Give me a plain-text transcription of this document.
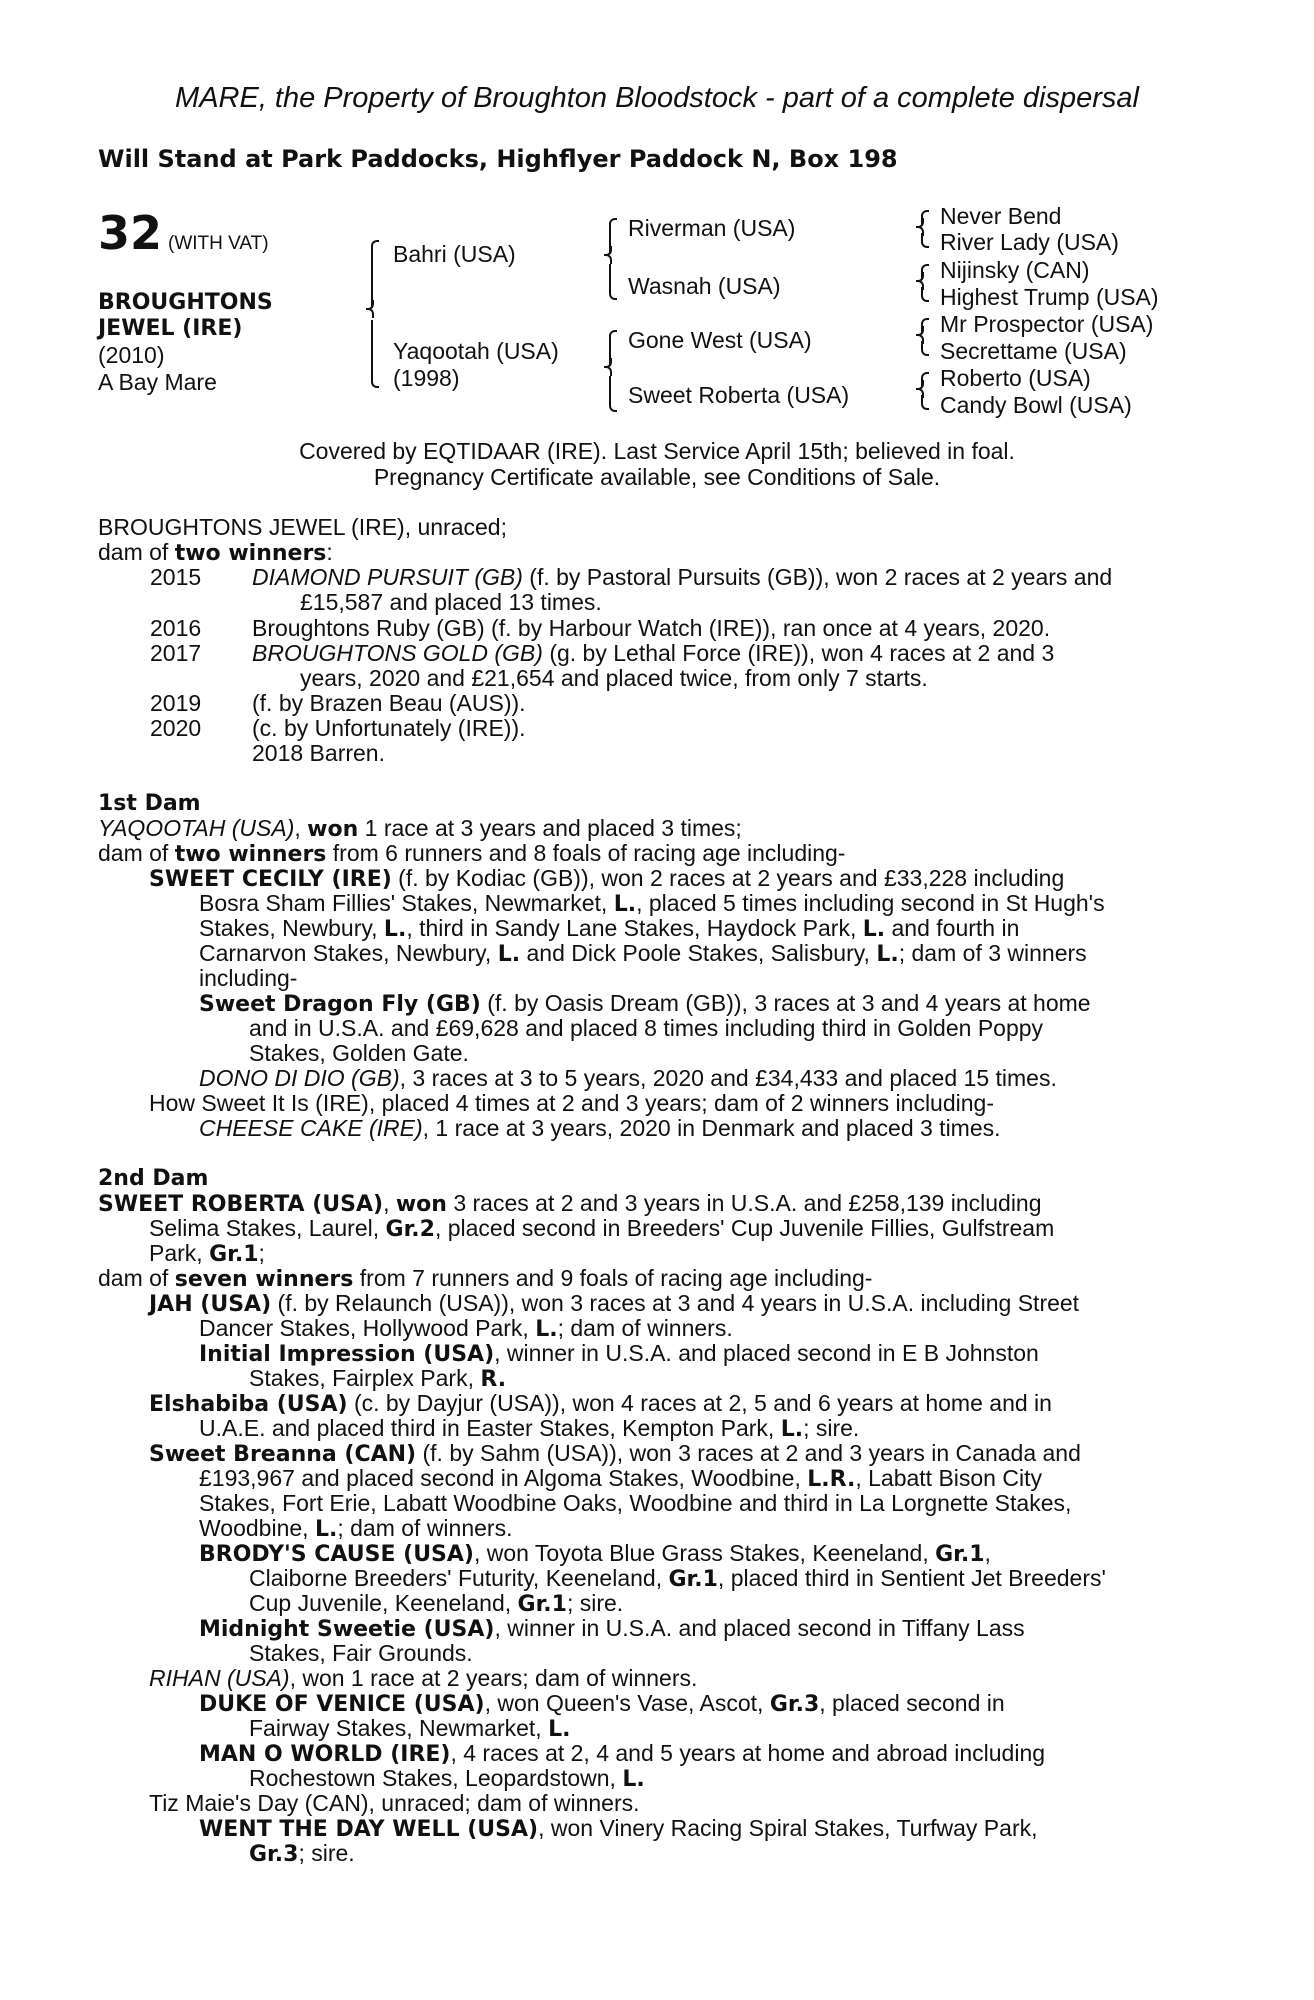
MARE, the Property of Broughton Bloodstock - part of a complete dispersal
Will Stand at Park Paddocks, Highflyer Paddock N, Box 198
32 (WITH VAT)
BROUGHTONS
JEWEL (IRE)
(2010)
A Bay Mare
Bahri (USA)
Yaqootah (USA)
(1998)
Riverman (USA)
Wasnah (USA)
Gone West (USA)
Sweet Roberta (USA)
Never Bend
River Lady (USA)
Nijinsky (CAN)
Highest Trump (USA)
Mr Prospector (USA)
Secrettame (USA)
Roberto (USA)
Candy Bowl (USA)
Covered by EQTIDAAR (IRE). Last Service April 15th; believed in foal.
Pregnancy Certificate available, see Conditions of Sale.
BROUGHTONS JEWEL (IRE), unraced;
dam of two winners:
2015 DIAMOND PURSUIT (GB) (f. by Pastoral Pursuits (GB)), won 2 races at 2 years and
£15,587 and placed 13 times.
2016 Broughtons Ruby (GB) (f. by Harbour Watch (IRE)), ran once at 4 years, 2020.
2017 BROUGHTONS GOLD (GB) (g. by Lethal Force (IRE)), won 4 races at 2 and 3
years, 2020 and £21,654 and placed twice, from only 7 starts.
2019 (f. by Brazen Beau (AUS)).
2020 (c. by Unfortunately (IRE)).
2018 Barren.
1st Dam
YAQOOTAH (USA), won 1 race at 3 years and placed 3 times;
dam of two winners from 6 runners and 8 foals of racing age including-
SWEET CECILY (IRE) (f. by Kodiac (GB)), won 2 races at 2 years and £33,228 including
Bosra Sham Fillies' Stakes, Newmarket, L., placed 5 times including second in St Hugh's
Stakes, Newbury, L., third in Sandy Lane Stakes, Haydock Park, L. and fourth in
Carnarvon Stakes, Newbury, L. and Dick Poole Stakes, Salisbury, L.; dam of 3 winners
including-
Sweet Dragon Fly (GB) (f. by Oasis Dream (GB)), 3 races at 3 and 4 years at home
and in U.S.A. and £69,628 and placed 8 times including third in Golden Poppy
Stakes, Golden Gate.
DONO DI DIO (GB), 3 races at 3 to 5 years, 2020 and £34,433 and placed 15 times.
How Sweet It Is (IRE), placed 4 times at 2 and 3 years; dam of 2 winners including-
CHEESE CAKE (IRE), 1 race at 3 years, 2020 in Denmark and placed 3 times.
2nd Dam
SWEET ROBERTA (USA), won 3 races at 2 and 3 years in U.S.A. and £258,139 including
Selima Stakes, Laurel, Gr.2, placed second in Breeders' Cup Juvenile Fillies, Gulfstream
Park, Gr.1;
dam of seven winners from 7 runners and 9 foals of racing age including-
JAH (USA) (f. by Relaunch (USA)), won 3 races at 3 and 4 years in U.S.A. including Street
Dancer Stakes, Hollywood Park, L.; dam of winners.
Initial Impression (USA), winner in U.S.A. and placed second in E B Johnston
Stakes, Fairplex Park, R.
Elshabiba (USA) (c. by Dayjur (USA)), won 4 races at 2, 5 and 6 years at home and in
U.A.E. and placed third in Easter Stakes, Kempton Park, L.; sire.
Sweet Breanna (CAN) (f. by Sahm (USA)), won 3 races at 2 and 3 years in Canada and
£193,967 and placed second in Algoma Stakes, Woodbine, L.R., Labatt Bison City
Stakes, Fort Erie, Labatt Woodbine Oaks, Woodbine and third in La Lorgnette Stakes,
Woodbine, L.; dam of winners.
BRODY'S CAUSE (USA), won Toyota Blue Grass Stakes, Keeneland, Gr.1,
Claiborne Breeders' Futurity, Keeneland, Gr.1, placed third in Sentient Jet Breeders'
Cup Juvenile, Keeneland, Gr.1; sire.
Midnight Sweetie (USA), winner in U.S.A. and placed second in Tiffany Lass
Stakes, Fair Grounds.
RIHAN (USA), won 1 race at 2 years; dam of winners.
DUKE OF VENICE (USA), won Queen's Vase, Ascot, Gr.3, placed second in
Fairway Stakes, Newmarket, L.
MAN O WORLD (IRE), 4 races at 2, 4 and 5 years at home and abroad including
Rochestown Stakes, Leopardstown, L.
Tiz Maie's Day (CAN), unraced; dam of winners.
WENT THE DAY WELL (USA), won Vinery Racing Spiral Stakes, Turfway Park,
Gr.3; sire.
